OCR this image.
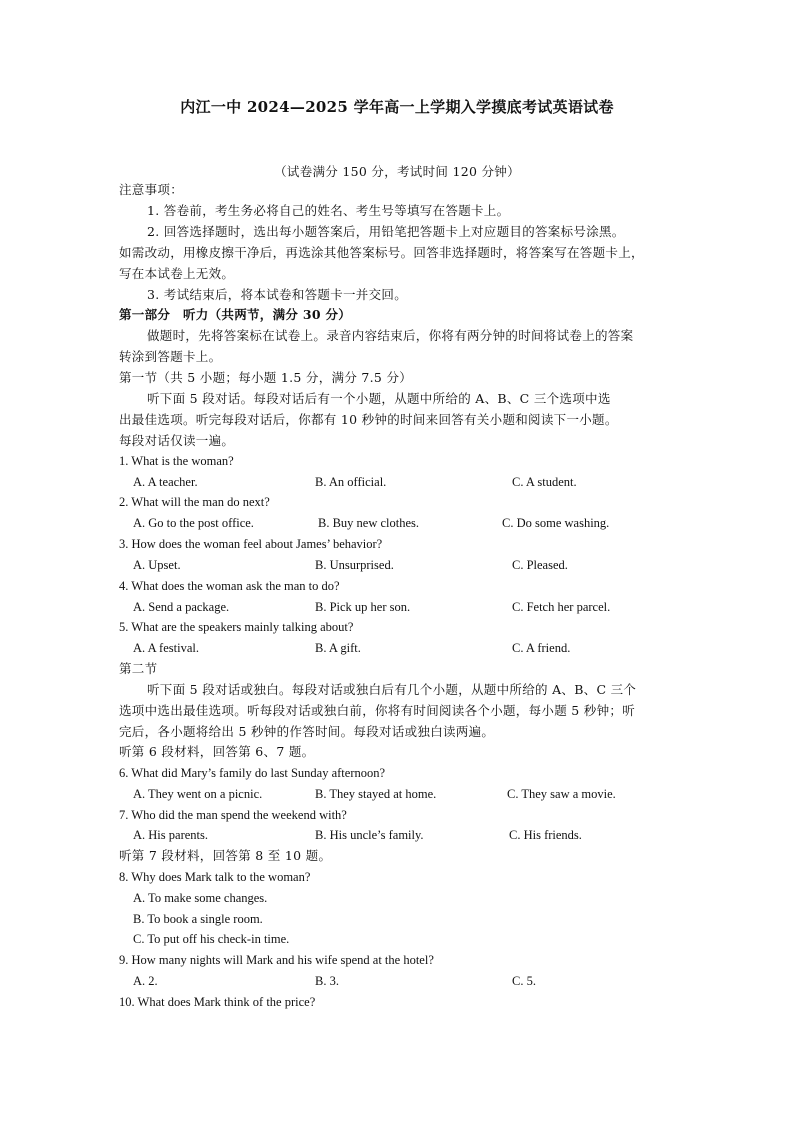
内江一中 2024—2025 学年高一上学期入学摸底考试英语试卷
（试卷满分 150 分，考试时间 120 分钟）
注意事项：
1. 答卷前，考生务必将自己的姓名、考生号等填写在答题卡上。
2. 回答选择题时，选出每小题答案后，用铅笔把答题卡上对应题目的答案标号涂黑。
如需改动，用橡皮擦干净后，再选涂其他答案标号。回答非选择题时，将答案写在答题卡上，
写在本试卷上无效。
3. 考试结束后，将本试卷和答题卡一并交回。
第一部分　听力（共两节，满分 30 分）
做题时，先将答案标在试卷上。录音内容结束后，你将有两分钟的时间将试卷上的答案
转涂到答题卡上。
第一节（共 5 小题；每小题 1.5 分，满分 7.5 分）
听下面 5 段对话。每段对话后有一个小题，从题中所给的 A、B、C 三个选项中选
出最佳选项。听完每段对话后，你都有 10 秒钟的时间来回答有关小题和阅读下一小题。
每段对话仅读一遍。
1. What is the woman?
A. A teacher.	B. An official.	C. A student.
2. What will the man do next?
A. Go to the post office.	B. Buy new clothes.	C. Do some washing.
3. How does the woman feel about James’ behavior?
A. Upset.	B. Unsurprised.	C. Pleased.
4. What does the woman ask the man to do?
A. Send a package.	B. Pick up her son.	C. Fetch her parcel.
5. What are the speakers mainly talking about?
A. A festival.	B. A gift.	C. A friend.
第二节
听下面 5 段对话或独白。每段对话或独白后有几个小题，从题中所给的 A、B、C 三个
选项中选出最佳选项。听每段对话或独白前，你将有时间阅读各个小题，每小题 5 秒钟；听
完后，各小题将给出 5 秒钟的作答时间。每段对话或独白读两遍。
听第 6 段材料，回答第 6、7 题。
6. What did Mary’s family do last Sunday afternoon?
A. They went on a picnic.	B. They stayed at home.	C. They saw a movie.
7. Who did the man spend the weekend with?
A. His parents.	B. His uncle’s family.	C. His friends.
听第 7 段材料，回答第 8 至 10 题。
8. Why does Mark talk to the woman?
A. To make some changes.
B. To book a single room.
C. To put off his check-in time.
9. How many nights will Mark and his wife spend at the hotel?
A. 2.	B. 3.	C. 5.
10. What does Mark think of the price?
